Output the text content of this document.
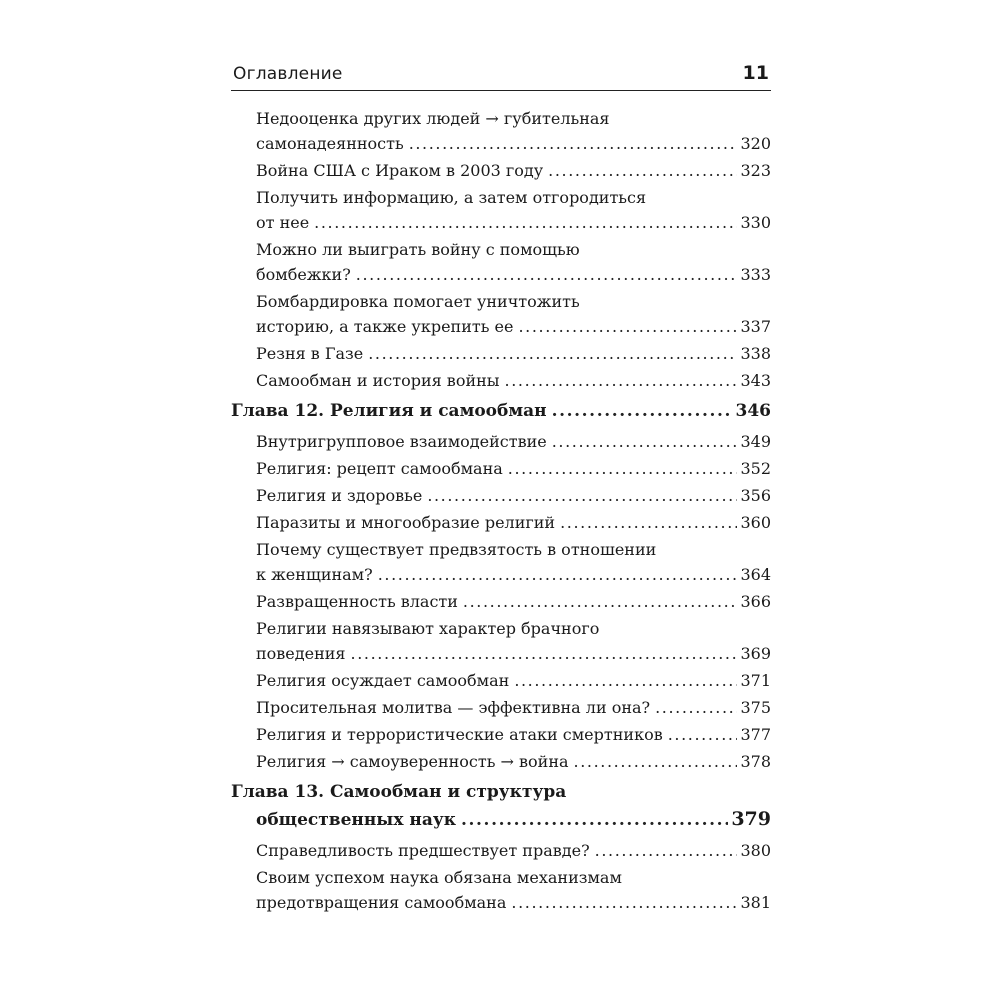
Оглавление	11
Недооценка других людей → губительная
самонадеянность .....	320
Война США с Ираком в 2003 году .....	323
Получить информацию, а затем отгородиться
от нее .....	330
Можно ли выиграть войну с помощью
бомбежки? .....	333
Бомбардировка помогает уничтожить
историю, а также укрепить ее .....	337
Резня в Газе .....	338
Самообман и история войны .....	343
Глава 12. Религия и самообман .....	346
Внутригрупповое взаимодействие .....	349
Религия: рецепт самообмана .....	352
Религия и здоровье .....	356
Паразиты и многообразие религий .....	360
Почему существует предвзятость в отношении
к женщинам? .....	364
Развращенность власти .....	366
Религии навязывают характер брачного
поведения .....	369
Религия осуждает самообман .....	371
Просительная молитва — эффективна ли она? .....	375
Религия и террористические атаки смертников .....	377
Религия → самоуверенность → война .....	378
Глава 13. Самообман и структура
общественных наук .....	379
Справедливость предшествует правде? .....	380
Своим успехом наука обязана механизмам
предотвращения самообмана .....	381
